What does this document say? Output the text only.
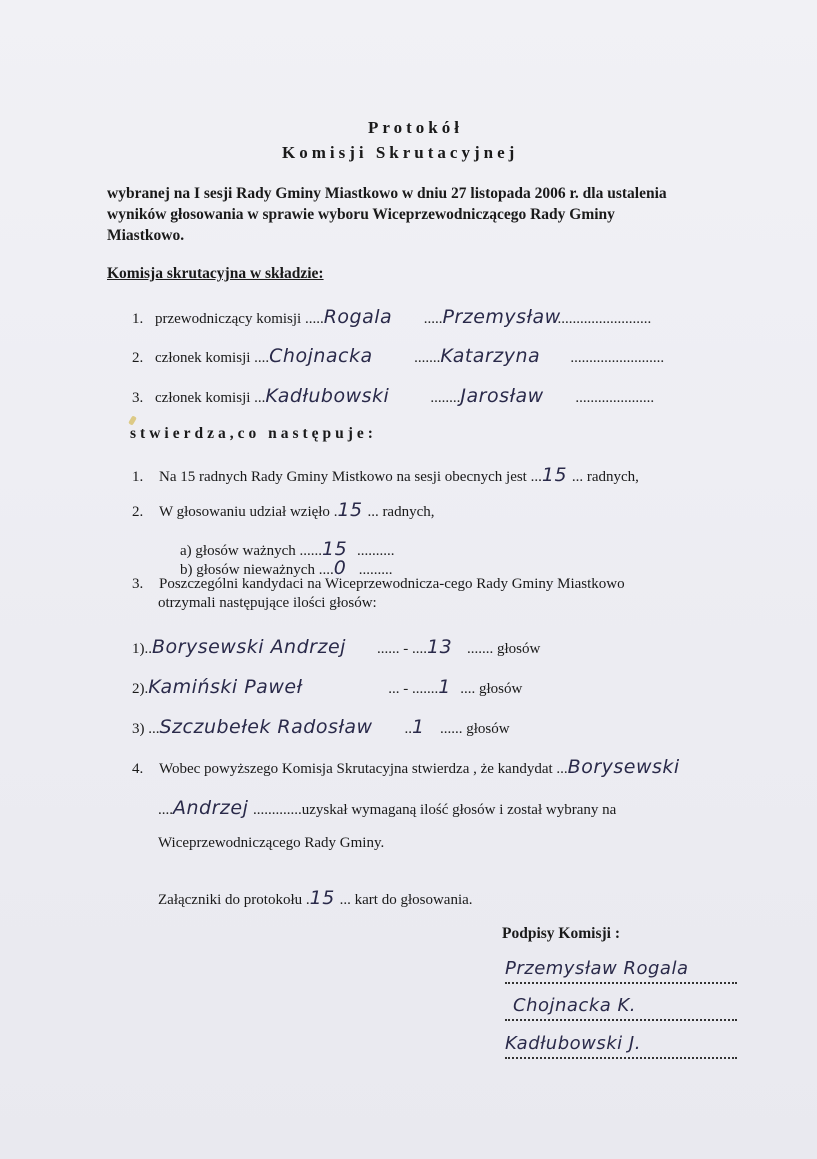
Protokół
Komisji Skrutacyjnej
wybranej na I sesji Rady Gminy Miastkowo w dniu 27 listopada 2006 r. dla ustalenia
wyników głosowania w sprawie wyboru Wiceprzewodniczącego Rady Gminy
Miastkowo.
Komisja skrutacyjna w składzie:
1. przewodniczący komisji .....Rogala .....Przemysław.........................
2. członek komisji ....Chojnacka	.......Katarzyna .........................
3. członek komisji ...Kadłubowski	........Jarosław .....................
stwierdza,co następuje:
1. Na 15 radnych Rady Gminy Mistkowo na sesji obecnych jest ...15 ... radnych,
2. W głosowaniu udział wzięło .15 ... radnych,
a) głosów ważnych ......15 ..........
b) głosów nieważnych ....0 .........
3. Poszczególni kandydaci na Wiceprzewodnicza‐cego Rady Gminy Miastkowo
otrzymali następujące ilości głosów:
1)..Borysewski Andrzej ...... - ....13 ....... głosów
2).Kamiński Paweł	... - .......1 .... głosów
3) ...Szczubełek Radosław ..1 ...... głosów
4. Wobec powyższego Komisja Skrutacyjna stwierdza , że kandydat ...Borysewski
....Andrzej .............uzyskał wymaganą ilość głosów i został wybrany na
Wiceprzewodniczącego Rady Gminy.
Załączniki do protokołu .15 ... kart do głosowania.
Podpisy Komisji :
Przemysław Rogala
Chojnacka K.
Kadłubowski J.
